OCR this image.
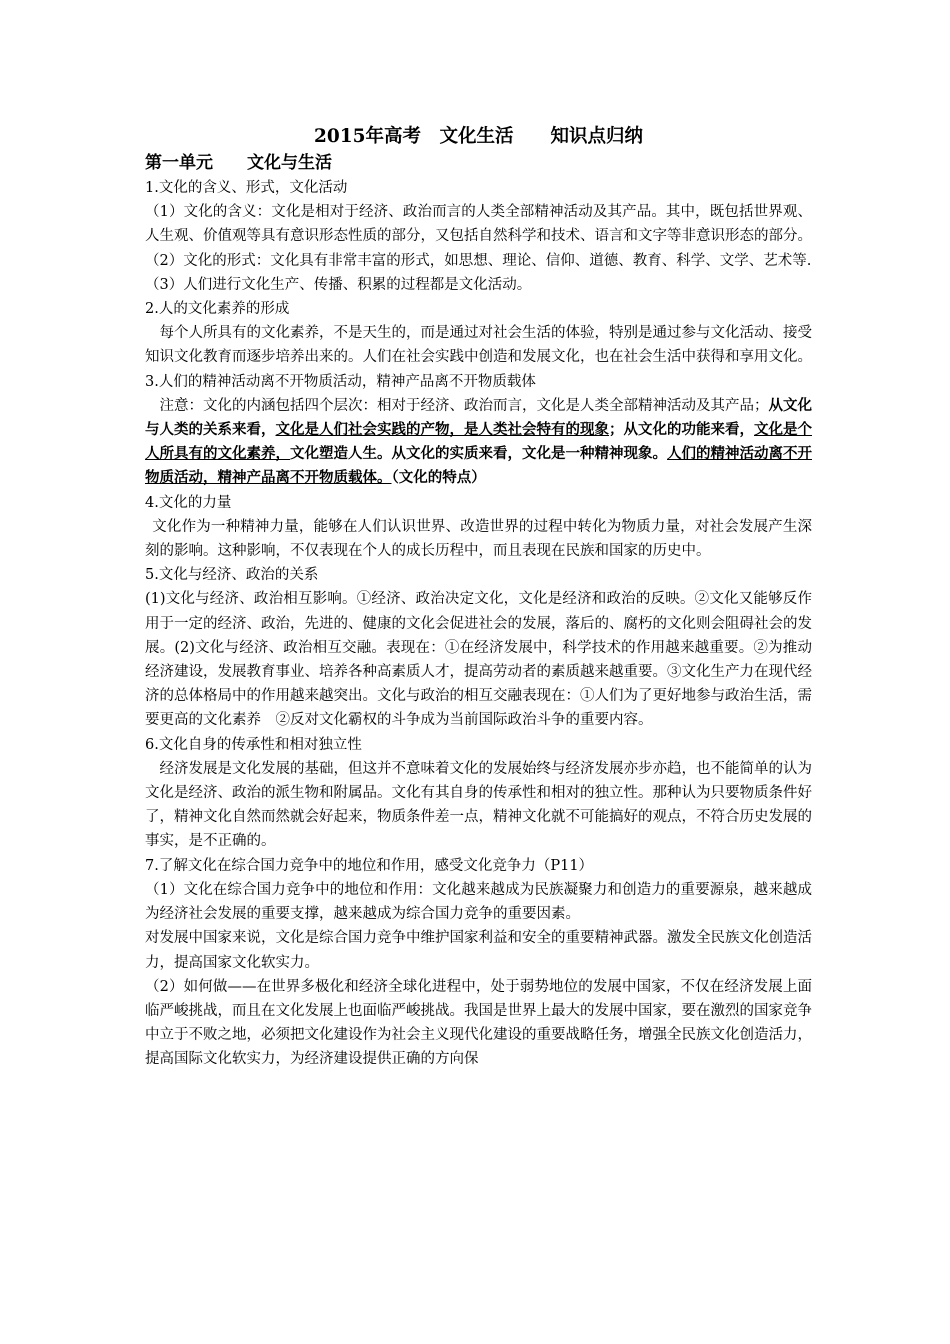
2015年高考　文化生活　　知识点归纳
第一单元　　文化与生活

1.文化的含义、形式，文化活动

（1）文化的含义：文化是相对于经济、政治而言的人类全部精神活动及其产品。其中，既包括世界观、人生观、价值观等具有意识形态性质的部分，又包括自然科学和技术、语言和文字等非意识形态的部分。

（2）文化的形式：文化具有非常丰富的形式，如思想、理论、信仰、道德、教育、科学、文学、艺术等.

（3）人们进行文化生产、传播、积累的过程都是文化活动。

2.人的文化素养的形成

每个人所具有的文化素养，不是天生的，而是通过对社会生活的体验，特别是通过参与文化活动、接受知识文化教育而逐步培养出来的。人们在社会实践中创造和发展文化，也在社会生活中获得和享用文化。

3.人们的精神活动离不开物质活动，精神产品离不开物质载体

注意：文化的内涵包括四个层次：相对于经济、政治而言，文化是人类全部精神活动及其产品；从文化与人类的关系来看，文化是人们社会实践的产物，是人类社会特有的现象；从文化的功能来看，文化是个人所具有的文化素养，文化塑造人生。从文化的实质来看，文化是一种精神现象。人们的精神活动离不开物质活动，精神产品离不开物质载体。（文化的特点）

4.文化的力量

文化作为一种精神力量，能够在人们认识世界、改造世界的过程中转化为物质力量，对社会发展产生深刻的影响。这种影响，不仅表现在个人的成长历程中，而且表现在民族和国家的历史中。

5.文化与经济、政治的关系

(1)文化与经济、政治相互影响。①经济、政治决定文化，文化是经济和政治的反映。②文化又能够反作用于一定的经济、政治，先进的、健康的文化会促进社会的发展，落后的、腐朽的文化则会阻碍社会的发展。(2)文化与经济、政治相互交融。表现在：①在经济发展中，科学技术的作用越来越重要。②为推动经济建设，发展教育事业、培养各种高素质人才，提高劳动者的素质越来越重要。③文化生产力在现代经济的总体格局中的作用越来越突出。文化与政治的相互交融表现在：①人们为了更好地参与政治生活，需要更高的文化素养　②反对文化霸权的斗争成为当前国际政治斗争的重要内容。

6.文化自身的传承性和相对独立性

经济发展是文化发展的基础，但这并不意味着文化的发展始终与经济发展亦步亦趋，也不能简单的认为文化是经济、政治的派生物和附属品。文化有其自身的传承性和相对的独立性。那种认为只要物质条件好了，精神文化自然而然就会好起来，物质条件差一点，精神文化就不可能搞好的观点，不符合历史发展的事实，是不正确的。

7.了解文化在综合国力竞争中的地位和作用，感受文化竞争力（P11）

（1）文化在综合国力竞争中的地位和作用：文化越来越成为民族凝聚力和创造力的重要源泉，越来越成为经济社会发展的重要支撑，越来越成为综合国力竞争的重要因素。

对发展中国家来说，文化是综合国力竞争中维护国家利益和安全的重要精神武器。激发全民族文化创造活力，提高国家文化软实力。

（2）如何做——在世界多极化和经济全球化进程中，处于弱势地位的发展中国家，不仅在经济发展上面临严峻挑战，而且在文化发展上也面临严峻挑战。我国是世界上最大的发展中国家，要在激烈的国家竞争中立于不败之地，必须把文化建设作为社会主义现代化建设的重要战略任务，增强全民族文化创造活力，提高国际文化软实力，为经济建设提供正确的方向保
